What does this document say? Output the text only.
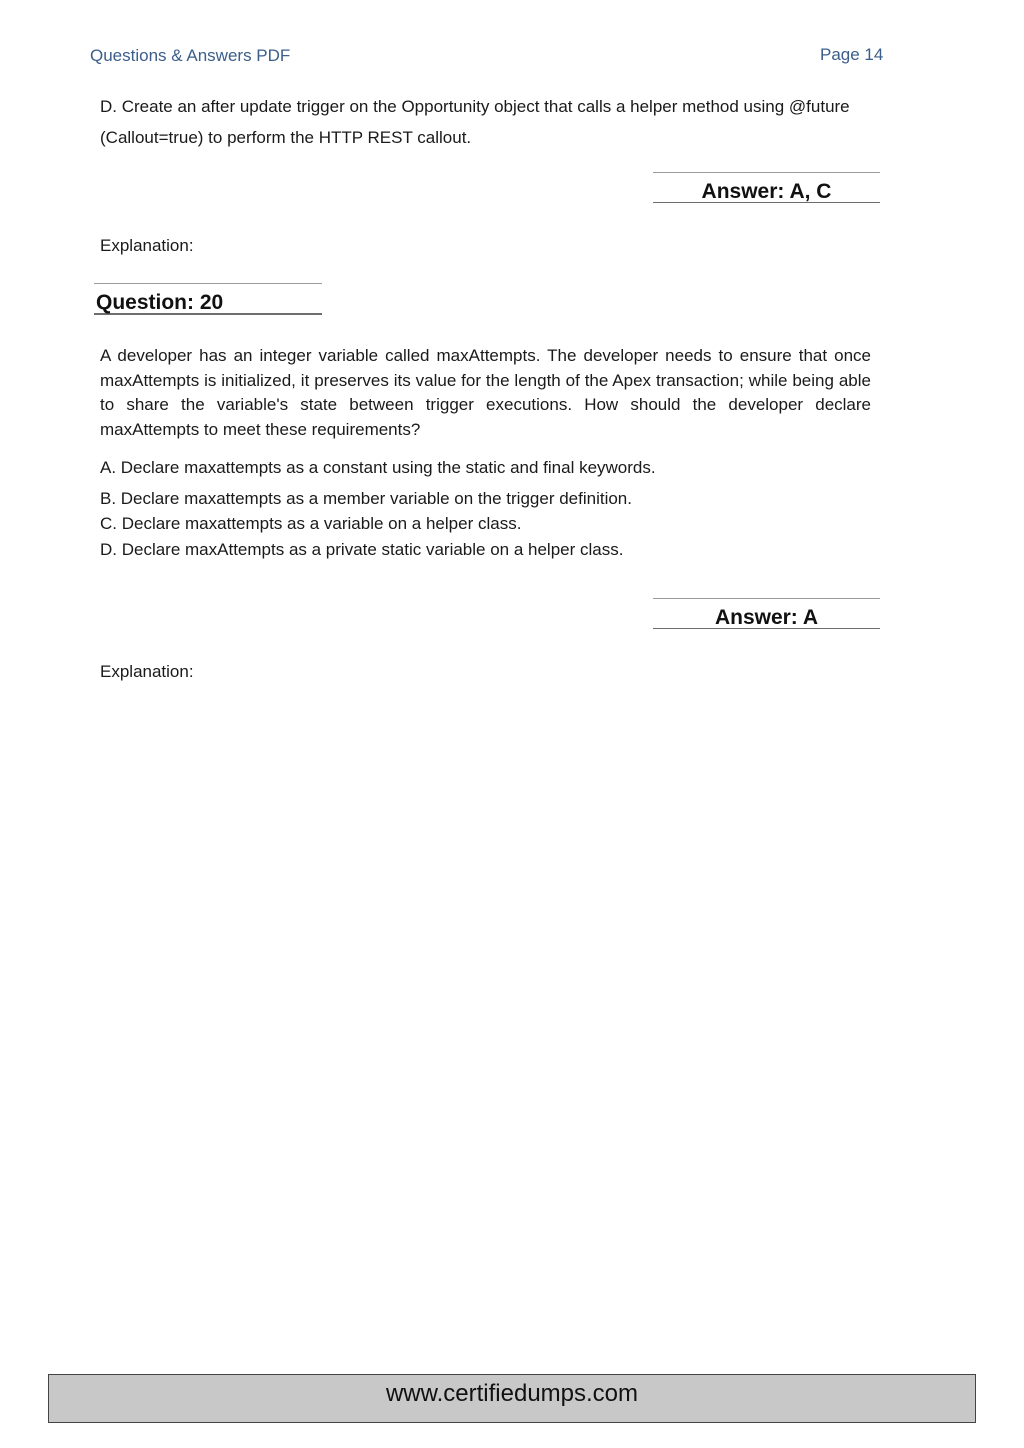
Questions & Answers PDF	Page 14
D. Create an after update trigger on the Opportunity object that calls a helper method using @future
(Callout=true) to perform the HTTP REST callout.
Answer: A, C
Explanation:
Question: 20
A developer has an integer variable called maxAttempts. The developer needs to ensure that once maxAttempts is initialized, it preserves its value for the length of the Apex transaction; while being able to share the variable's state between trigger executions. How should the developer declare maxAttempts to meet these requirements?
A. Declare maxattempts as a constant using the static and final keywords.
B. Declare maxattempts as a member variable on the trigger definition.
C. Declare maxattempts as a variable on a helper class.
D. Declare maxAttempts as a private static variable on a helper class.
Answer: A
Explanation:
www.certifiedumps.com
